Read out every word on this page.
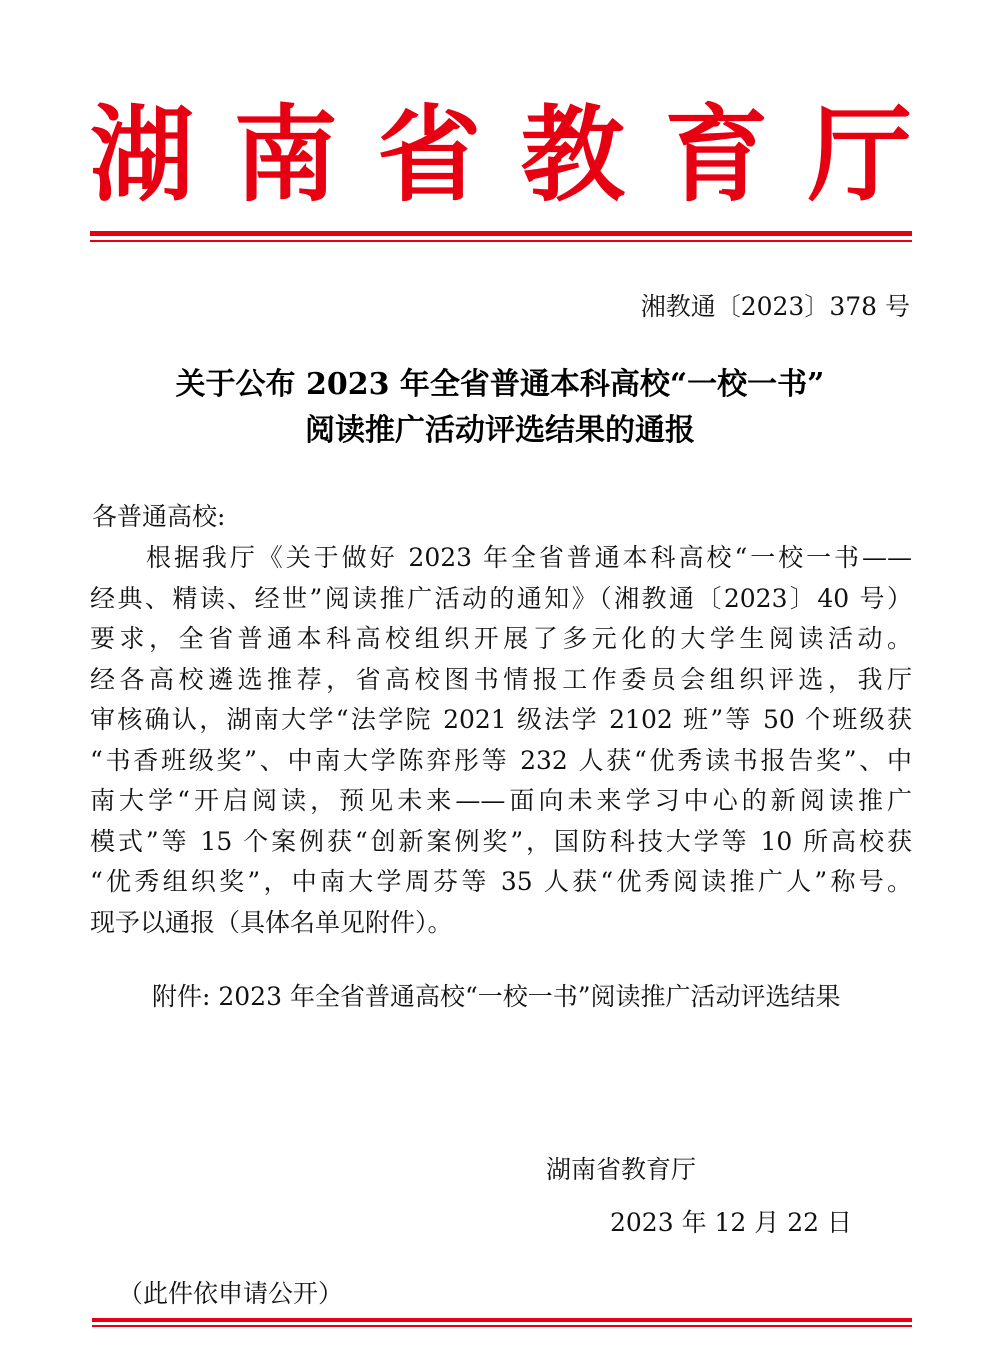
湖 南 省 教 育 厅
湘教通〔2023〕378 号
关于公布 2023 年全省普通本科高校“一校一书”
阅读推广活动评选结果的通报
各普通高校:
根据我厅《关于做好 2023 年全省普通本科高校“一校一书——
经典、精读、经世”阅读推广活动的通知》（湘教通〔2023〕40 号）
要求，全省普通本科高校组织开展了多元化的大学生阅读活动。
经各高校遴选推荐，省高校图书情报工作委员会组织评选，我厅
审核确认，湖南大学“法学院 2021 级法学 2102 班”等 50 个班级获
“书香班级奖”、中南大学陈弈彤等 232 人获“优秀读书报告奖”、中
南大学“开启阅读，预见未来——面向未来学习中心的新阅读推广
模式”等 15 个案例获“创新案例奖”，国防科技大学等 10 所高校获
“优秀组织奖”，中南大学周芬等 35 人获“优秀阅读推广人”称号。
现予以通报（具体名单见附件）。
附件: 2023 年全省普通高校“一校一书”阅读推广活动评选结果
湖南省教育厅
2023 年 12 月 22 日
（此件依申请公开）
